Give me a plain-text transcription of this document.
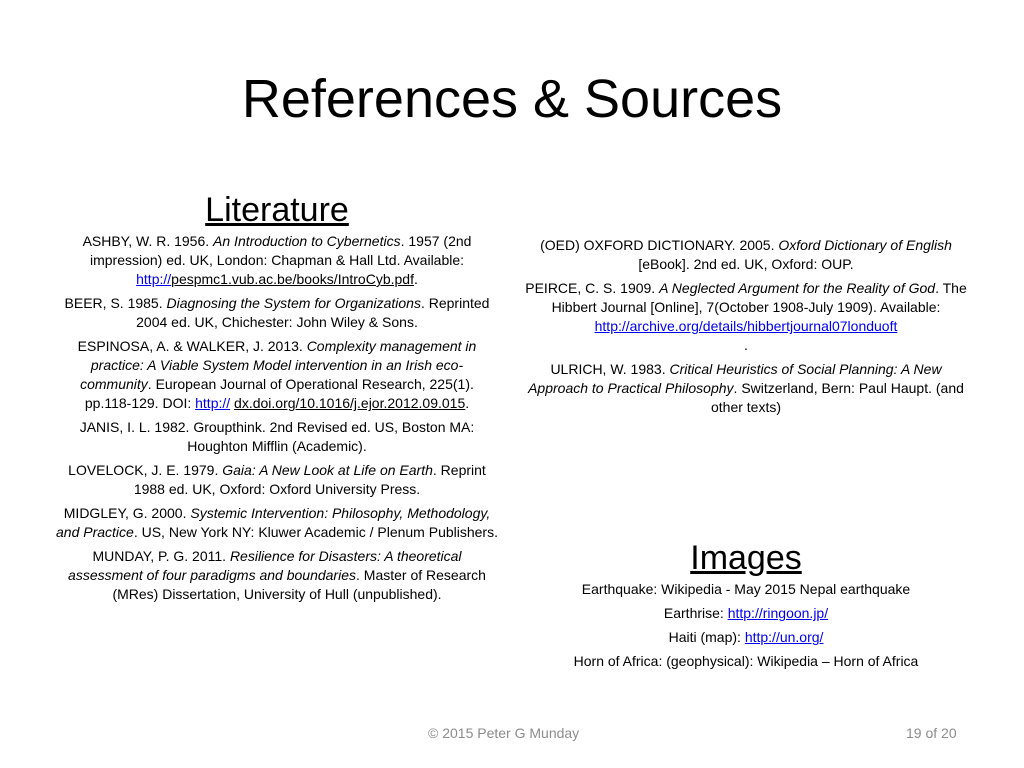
References & Sources
Literature

ASHBY, W. R. 1956. An Introduction to Cybernetics. 1957 (2nd impression) ed. UK, London: Chapman & Hall Ltd. Available: http://pespmc1.vub.ac.be/books/IntroCyb.pdf.

BEER, S. 1985. Diagnosing the System for Organizations. Reprinted 2004 ed. UK, Chichester: John Wiley & Sons.

ESPINOSA, A. & WALKER, J. 2013. Complexity management in practice: A Viable System Model intervention in an Irish eco-community. European Journal of Operational Research, 225(1). pp.118-129. DOI: http:// dx.doi.org/10.1016/j.ejor.2012.09.015.

JANIS, I. L. 1982. Groupthink. 2nd Revised ed. US, Boston MA: Houghton Mifflin (Academic).

LOVELOCK, J. E. 1979. Gaia: A New Look at Life on Earth. Reprint 1988 ed. UK, Oxford: Oxford University Press.

MIDGLEY, G. 2000. Systemic Intervention: Philosophy, Methodology, and Practice. US, New York NY: Kluwer Academic / Plenum Publishers.

MUNDAY, P. G. 2011. Resilience for Disasters: A theoretical assessment of four paradigms and boundaries. Master of Research (MRes) Dissertation, University of Hull (unpublished).

(OED) OXFORD DICTIONARY. 2005. Oxford Dictionary of English [eBook]. 2nd ed. UK, Oxford: OUP.

PEIRCE, C. S. 1909. A Neglected Argument for the Reality of God. The Hibbert Journal [Online], 7(October 1908-July 1909). Available: http://archive.org/details/hibbertjournal07londuoft
.

ULRICH, W. 1983. Critical Heuristics of Social Planning: A New Approach to Practical Philosophy. Switzerland, Bern: Paul Haupt. (and other texts)

Images

Earthquake: Wikipedia - May 2015 Nepal earthquake

Earthrise: http://ringoon.jp/

Haiti (map): http://un.org/

Horn of Africa: (geophysical): Wikipedia – Horn of Africa

© 2015 Peter G Munday	19 of 20
